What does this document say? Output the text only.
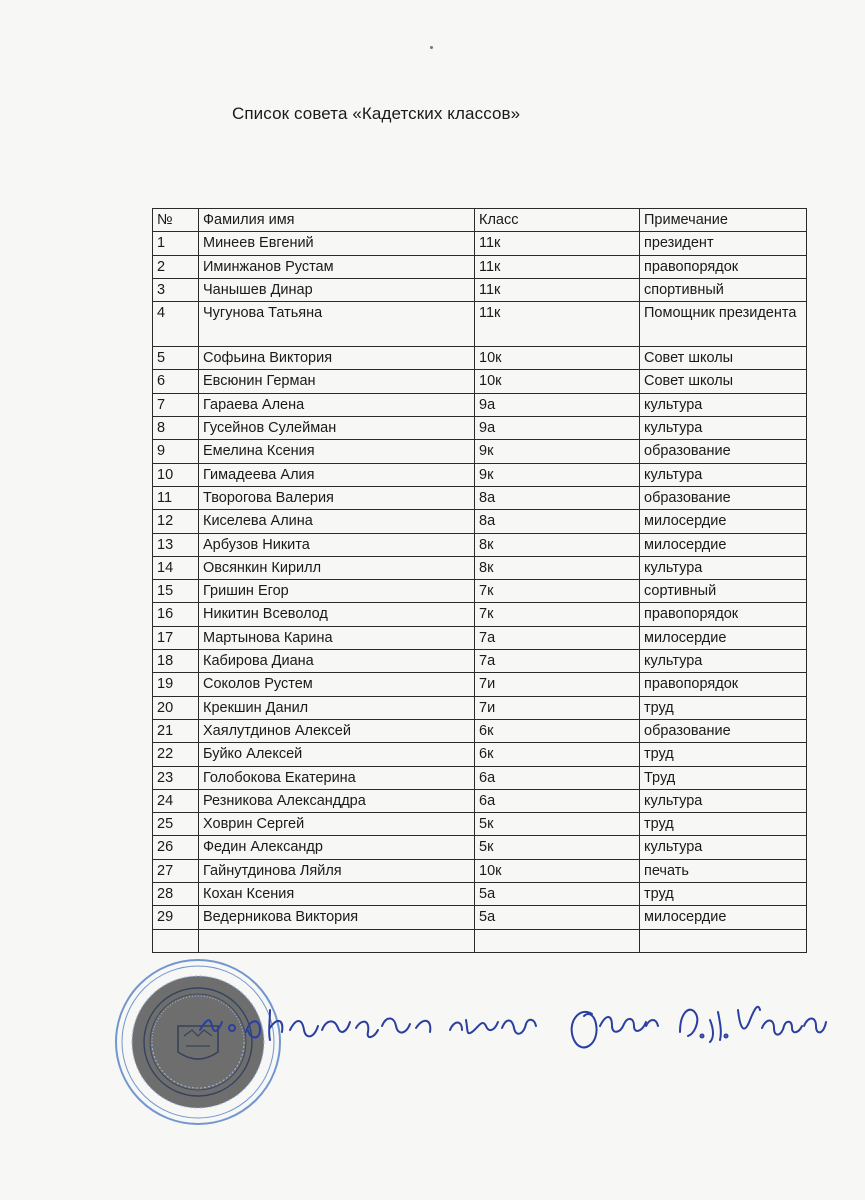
Список совета «Кадетских классов»
№	Фамилия имя	Класс	Примечание
1	Минеев Евгений	11к	президент
2	Иминжанов Рустам	11к	правопорядок
3	Чанышев Динар	11к	спортивный
4	Чугунова Татьяна	11к	Помощник президента
5	Софьина Виктория	10к	Совет школы
6	Евсюнин Герман	10к	Совет школы
7	Гараева Алена	9а	культура
8	Гусейнов Сулейман	9а	культура
9	Емелина Ксения	9к	образование
10	Гимадеева Алия	9к	культура
11	Творогова Валерия	8а	образование
12	Киселева Алина	8а	милосердие
13	Арбузов Никита	8к	милосердие
14	Овсянкин Кирилл	8к	культура
15	Гришин Егор	7к	сортивный
16	Никитин Всеволод	7к	правопорядок
17	Мартынова Карина	7а	милосердие
18	Кабирова Диана	7а	культура
19	Соколов Рустем	7и	правопорядок
20	Крекшин Данил	7и	труд
21	Хаялутдинов Алексей	6к	образование
22	Буйко Алексей	6к	труд
23	Голобокова Екатерина	6а	Труд
24	Резникова Александдра	6а	культура
25	Ховрин Сергей	5к	труд
26	Федин Александр	5к	культура
27	Гайнутдинова Ляйля	10к	печать
28	Кохан Ксения	5а	труд
29	Ведерникова Виктория	5а	милосердие
